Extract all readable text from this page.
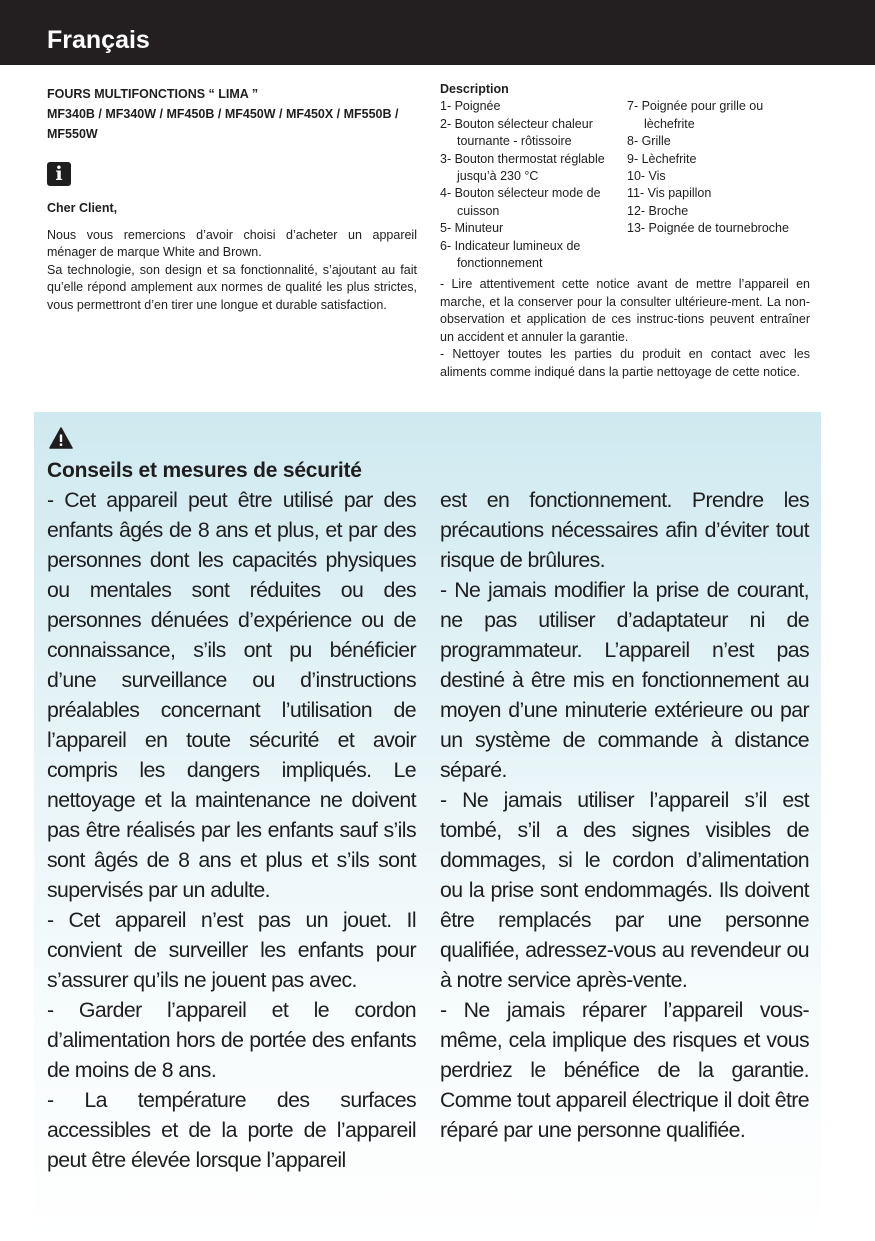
Français

FOURS MULTIFONCTIONS “ LIMA ”
MF340B / MF340W / MF450B / MF450W / MF450X / MF550B / MF550W

i

Cher Client,

Nous vous remercions d’avoir choisi d’acheter un appareil ménager de marque White and Brown.

Sa technologie, son design et sa fonctionnalité, s’ajoutant au fait qu’elle répond amplement aux normes de qualité les plus strictes, vous permettront d’en tirer une longue et durable satisfaction.

Description
1- Poignée
2- Bouton sélecteur chaleur tournante - rôtissoire
3- Bouton thermostat réglable jusqu’à 230 °C
4- Bouton sélecteur mode de cuisson
5- Minuteur
6- Indicateur lumineux de fonctionnement
7- Poignée pour grille ou lèchefrite
8- Grille
9- Lèchefrite
10- Vis
11- Vis papillon
12- Broche
13- Poignée de tournebroche

- Lire attentivement cette notice avant de mettre l’appareil en marche, et la conserver pour la consulter ultérieure-ment. La non-observation et application de ces instruc-tions peuvent entraîner un accident et annuler la garantie.

- Nettoyer toutes les parties du produit en contact avec les aliments comme indiqué dans la partie nettoyage de cette notice.

Conseils et mesures de sécurité

- Cet appareil peut être utilisé par des enfants âgés de 8 ans et plus, et par des personnes dont les capacités physiques ou mentales sont réduites ou des personnes dénuées d’expérience ou de connaissance, s’ils ont pu bénéficier d’une surveillance ou d’instructions préalables concernant l’utilisation de l’appareil en toute sécurité et avoir compris les dangers impliqués. Le nettoyage et la maintenance ne doivent pas être réalisés par les enfants sauf s’ils sont âgés de 8 ans et plus et s’ils sont supervisés par un adulte.

- Cet appareil n’est pas un jouet. Il convient de surveiller les enfants pour s’assurer qu’ils ne jouent pas avec.

- Garder l’appareil et le cordon d’alimentation hors de portée des enfants de moins de 8 ans.

- La température des surfaces accessibles et de la porte de l’appareil peut être élevée lorsque l’appareil

est en fonctionnement. Prendre les précautions nécessaires afin d’éviter tout risque de brûlures.

- Ne jamais modifier la prise de courant, ne pas utiliser d’adaptateur ni de programmateur. L’appareil n’est pas destiné à être mis en fonctionnement au moyen d’une minuterie extérieure ou par un système de commande à distance séparé.

- Ne jamais utiliser l’appareil s’il est tombé, s’il a des signes visibles de dommages, si le cordon d’alimentation ou la prise sont endommagés. Ils doivent être remplacés par une personne qualifiée, adressez-vous au revendeur ou à notre service après-vente.

- Ne jamais réparer l’appareil vous-même, cela implique des risques et vous perdriez le bénéfice de la garantie. Comme tout appareil électrique il doit être réparé par une personne qualifiée.
